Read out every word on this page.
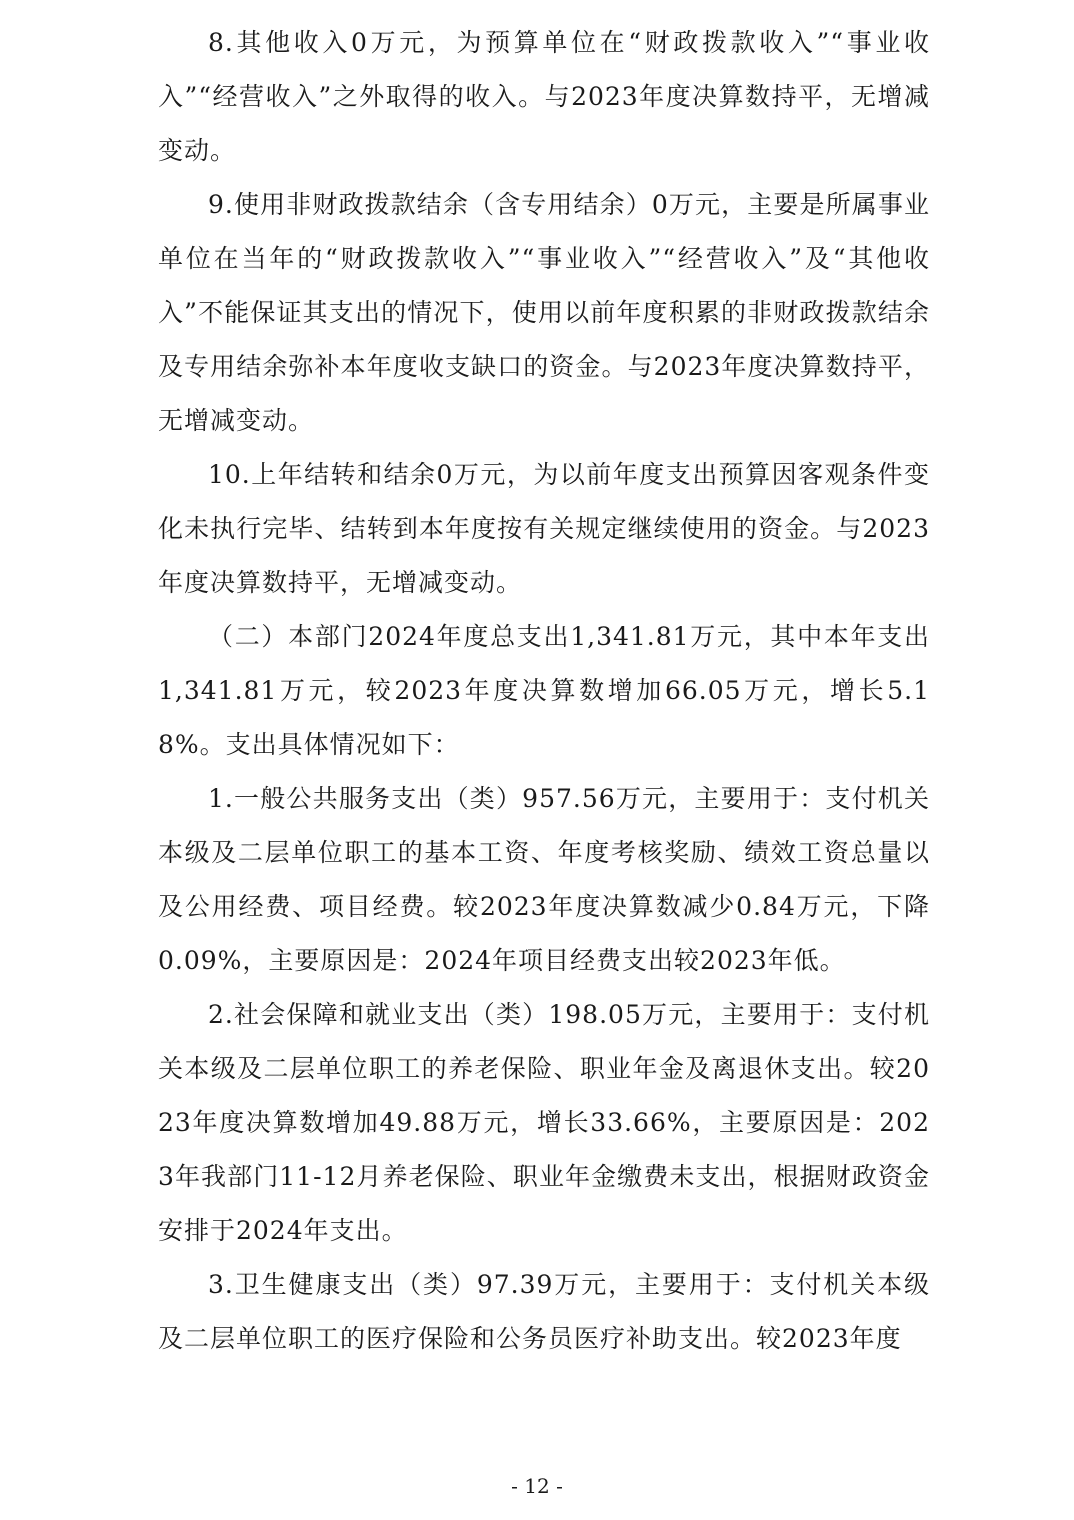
8.其他收入0万元，为预算单位在“财政拨款收入”“事业收入”“经营收入”之外取得的收入。与2023年度决算数持平，无增减变动。

9.使用非财政拨款结余（含专用结余）0万元，主要是所属事业单位在当年的“财政拨款收入”“事业收入”“经营收入”及“其他收入”不能保证其支出的情况下，使用以前年度积累的非财政拨款结余及专用结余弥补本年度收支缺口的资金。与2023年度决算数持平，无增减变动。

10.上年结转和结余0万元，为以前年度支出预算因客观条件变化未执行完毕、结转到本年度按有关规定继续使用的资金。与2023年度决算数持平，无增减变动。

（二）本部门2024年度总支出1,341.81万元，其中本年支出1,341.81万元，较2023年度决算数增加66.05万元，增长5.18%。支出具体情况如下：

1.一般公共服务支出（类）957.56万元，主要用于：支付机关本级及二层单位职工的基本工资、年度考核奖励、绩效工资总量以及公用经费、项目经费。较2023年度决算数减少0.84万元，下降0.09%，主要原因是：2024年项目经费支出较2023年低。

2.社会保障和就业支出（类）198.05万元，主要用于：支付机关本级及二层单位职工的养老保险、职业年金及离退休支出。较2023年度决算数增加49.88万元，增长33.66%，主要原因是：2023年我部门11-12月养老保险、职业年金缴费未支出，根据财政资金安排于2024年支出。

3.卫生健康支出（类）97.39万元，主要用于：支付机关本级及二层单位职工的医疗保险和公务员医疗补助支出。较2023年度

- 12 -
